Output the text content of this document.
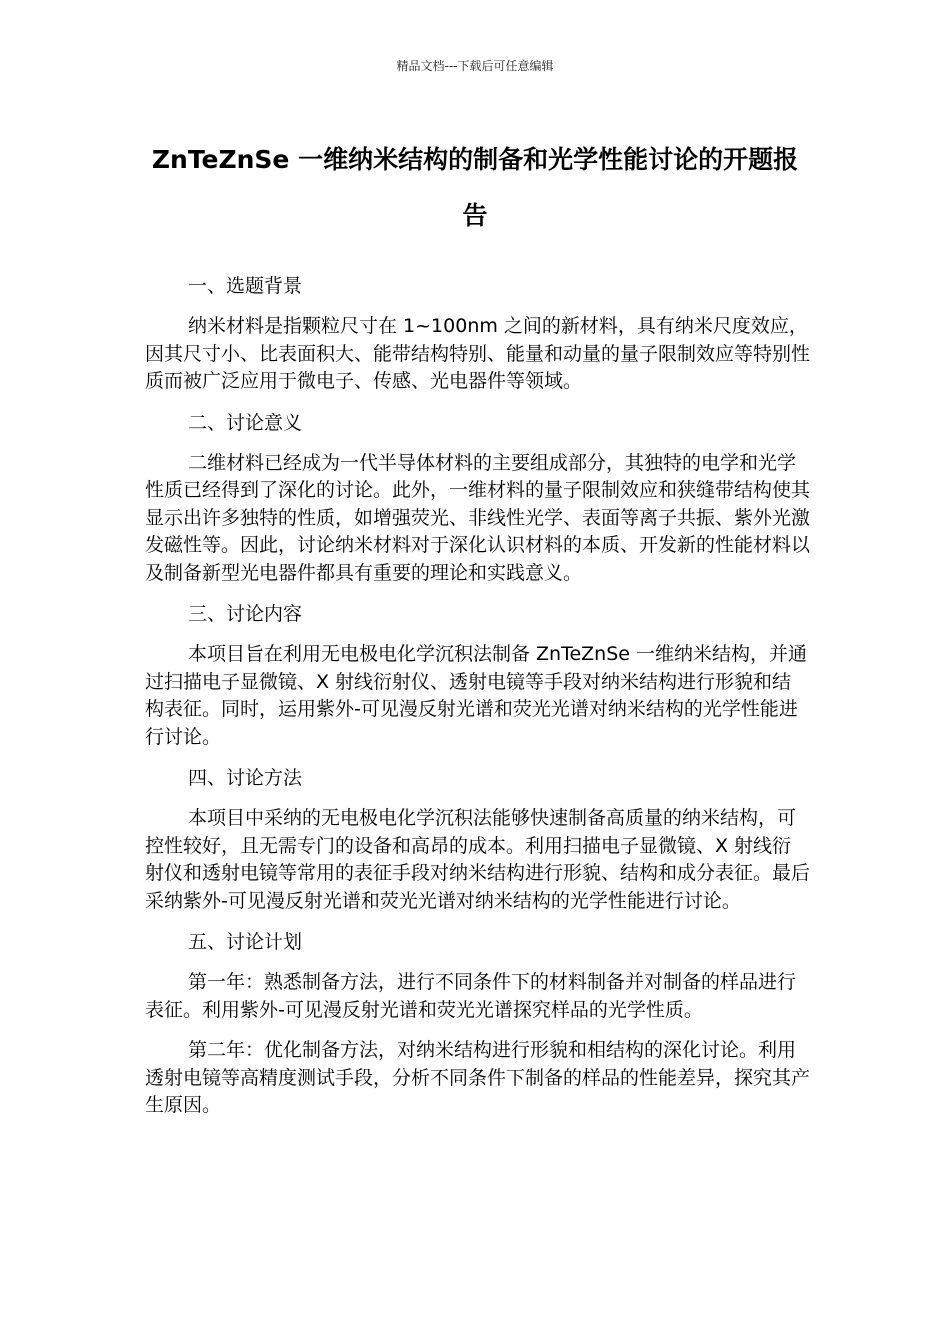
精品文档---下载后可任意编辑
ZnTeZnSe 一维纳米结构的制备和光学性能讨论的开题报告

一、选题背景

纳米材料是指颗粒尺寸在 1~100nm 之间的新材料，具有纳米尺度效应，因其尺寸小、比表面积大、能带结构特别、能量和动量的量子限制效应等特别性质而被广泛应用于微电子、传感、光电器件等领域。

二、讨论意义

二维材料已经成为一代半导体材料的主要组成部分，其独特的电学和光学性质已经得到了深化的讨论。此外，一维材料的量子限制效应和狭缝带结构使其显示出许多独特的性质，如增强荧光、非线性光学、表面等离子共振、紫外光激发磁性等。因此，讨论纳米材料对于深化认识材料的本质、开发新的性能材料以及制备新型光电器件都具有重要的理论和实践意义。

三、讨论内容

本项目旨在利用无电极电化学沉积法制备 ZnTeZnSe 一维纳米结构，并通过扫描电子显微镜、X 射线衍射仪、透射电镜等手段对纳米结构进行形貌和结构表征。同时，运用紫外-可见漫反射光谱和荧光光谱对纳米结构的光学性能进行讨论。

四、讨论方法

本项目中采纳的无电极电化学沉积法能够快速制备高质量的纳米结构，可控性较好，且无需专门的设备和高昂的成本。利用扫描电子显微镜、X 射线衍射仪和透射电镜等常用的表征手段对纳米结构进行形貌、结构和成分表征。最后采纳紫外-可见漫反射光谱和荧光光谱对纳米结构的光学性能进行讨论。

五、讨论计划

第一年：熟悉制备方法，进行不同条件下的材料制备并对制备的样品进行表征。利用紫外-可见漫反射光谱和荧光光谱探究样品的光学性质。

第二年：优化制备方法，对纳米结构进行形貌和相结构的深化讨论。利用透射电镜等高精度测试手段，分析不同条件下制备的样品的性能差异，探究其产生原因。
